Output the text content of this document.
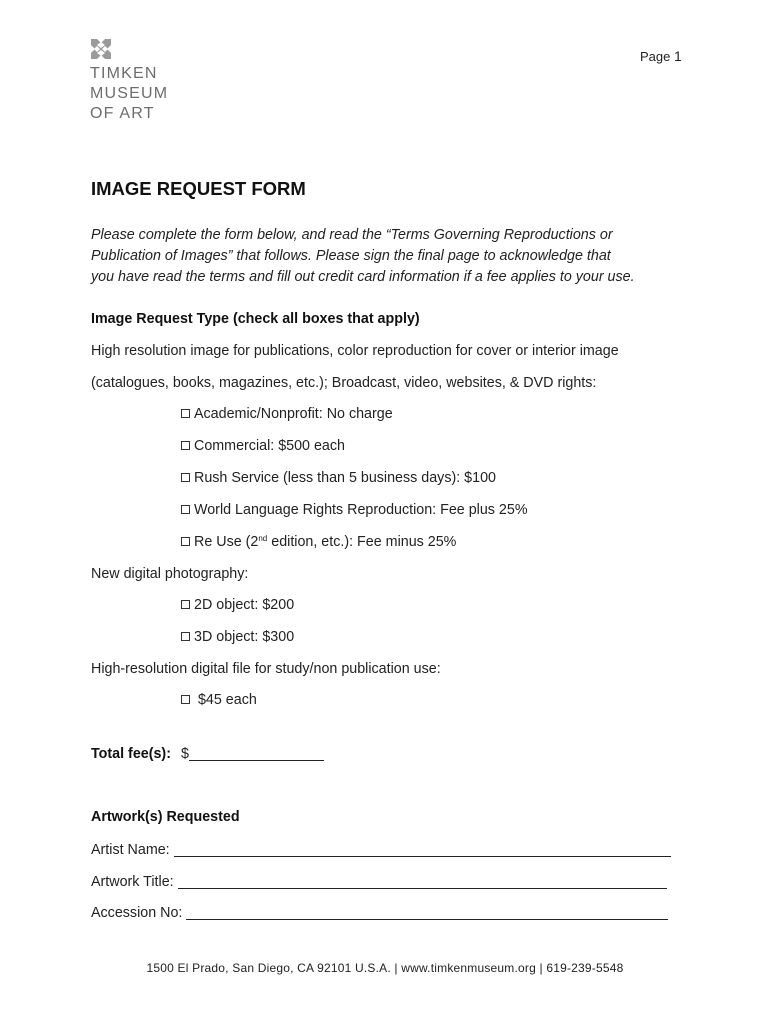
TIMKEN
MUSEUM
OF ART
Page 1
IMAGE REQUEST FORM
Please complete the form below, and read the “Terms Governing Reproductions or
Publication of Images” that follows. Please sign the final page to acknowledge that
you have read the terms and fill out credit card information if a fee applies to your use.
Image Request Type (check all boxes that apply)
High resolution image for publications, color reproduction for cover or interior image
(catalogues, books, magazines, etc.); Broadcast, video, websites, & DVD rights:
Academic/Nonprofit: No charge
Commercial: $500 each
Rush Service (less than 5 business days): $100
World Language Rights Reproduction: Fee plus 25%
Re Use (2nd edition, etc.): Fee minus 25%
New digital photography:
2D object: $200
3D object: $300
High-resolution digital file for study/non publication use:
$45 each
Total fee(s): $
Artwork(s) Requested
Artist Name:
Artwork Title:
Accession No:
1500 El Prado, San Diego, CA 92101 U.S.A. | www.timkenmuseum.org | 619-239-5548
